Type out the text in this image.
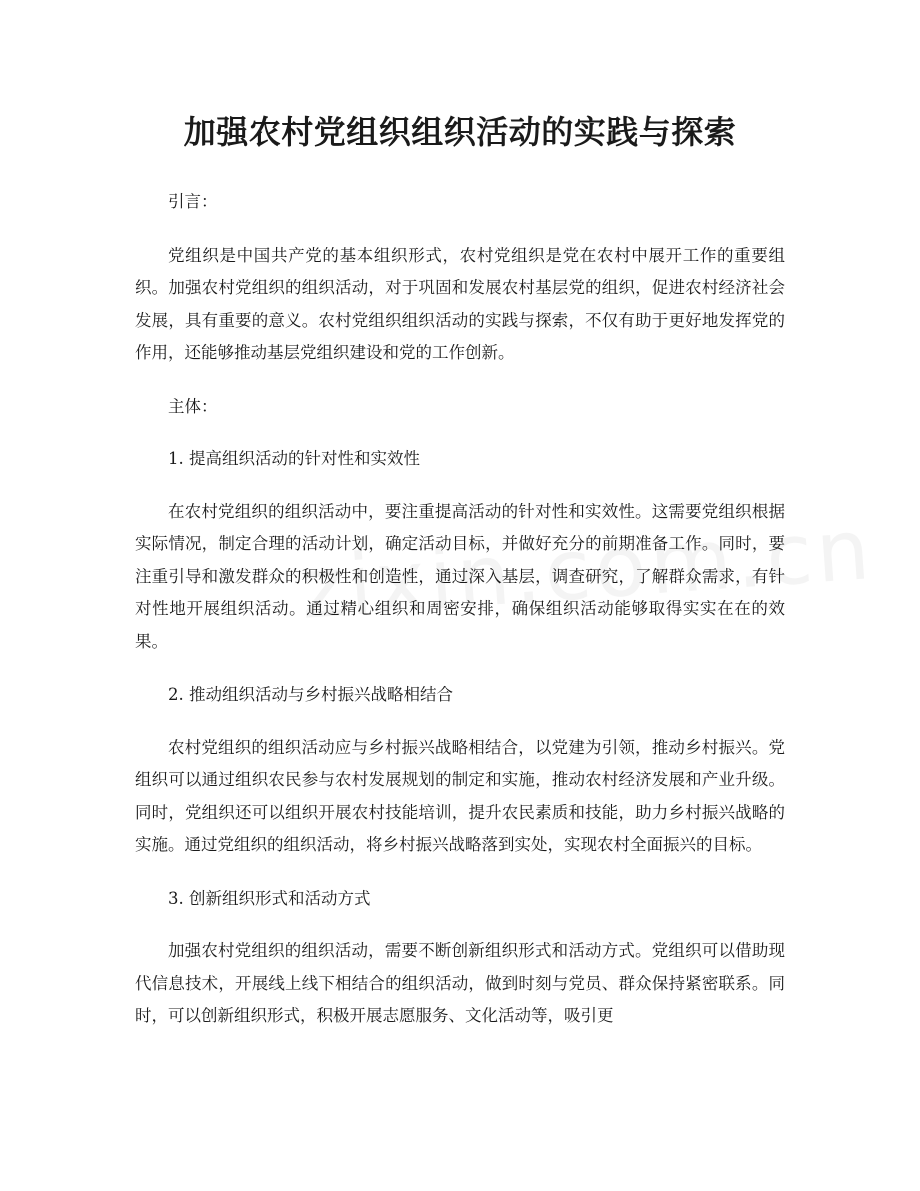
加强农村党组织组织活动的实践与探索

引言：

党组织是中国共产党的基本组织形式，农村党组织是党在农村中展开工作的重要组织。加强农村党组织的组织活动，对于巩固和发展农村基层党的组织，促进农村经济社会发展，具有重要的意义。农村党组织组织活动的实践与探索，不仅有助于更好地发挥党的作用，还能够推动基层党组织建设和党的工作创新。

主体：

1. 提高组织活动的针对性和实效性

在农村党组织的组织活动中，要注重提高活动的针对性和实效性。这需要党组织根据实际情况，制定合理的活动计划，确定活动目标，并做好充分的前期准备工作。同时，要注重引导和激发群众的积极性和创造性，通过深入基层，调查研究，了解群众需求，有针对性地开展组织活动。通过精心组织和周密安排，确保组织活动能够取得实实在在的效果。

2. 推动组织活动与乡村振兴战略相结合

农村党组织的组织活动应与乡村振兴战略相结合，以党建为引领，推动乡村振兴。党组织可以通过组织农民参与农村发展规划的制定和实施，推动农村经济发展和产业升级。同时，党组织还可以组织开展农村技能培训，提升农民素质和技能，助力乡村振兴战略的实施。通过党组织的组织活动，将乡村振兴战略落到实处，实现农村全面振兴的目标。

3. 创新组织形式和活动方式

加强农村党组织的组织活动，需要不断创新组织形式和活动方式。党组织可以借助现代信息技术，开展线上线下相结合的组织活动，做到时刻与党员、群众保持紧密联系。同时，可以创新组织形式，积极开展志愿服务、文化活动等，吸引更
